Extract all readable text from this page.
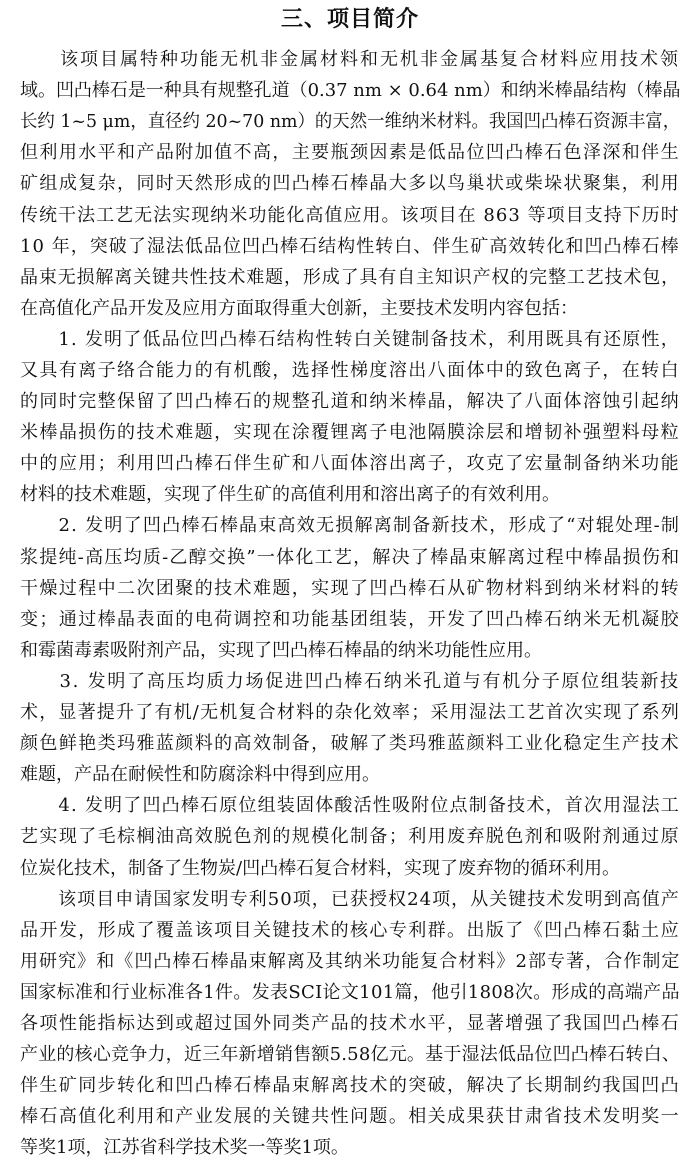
三、项目简介
　　该项目属特种功能无机非金属材料和无机非金属基复合材料应用技术领
域。凹凸棒石是一种具有规整孔道（0.37 nm × 0.64 nm）和纳米棒晶结构（棒晶
长约 1~5 μm，直径约 20~70 nm）的天然一维纳米材料。我国凹凸棒石资源丰富，
但利用水平和产品附加值不高，主要瓶颈因素是低品位凹凸棒石色泽深和伴生
矿组成复杂，同时天然形成的凹凸棒石棒晶大多以鸟巢状或柴垛状聚集，利用
传统干法工艺无法实现纳米功能化高值应用。该项目在 863 等项目支持下历时
10 年，突破了湿法低品位凹凸棒石结构性转白、伴生矿高效转化和凹凸棒石棒
晶束无损解离关键共性技术难题，形成了具有自主知识产权的完整工艺技术包，
在高值化产品开发及应用方面取得重大创新，主要技术发明内容包括：
　　1. 发明了低品位凹凸棒石结构性转白关键制备技术，利用既具有还原性，
又具有离子络合能力的有机酸，选择性梯度溶出八面体中的致色离子，在转白
的同时完整保留了凹凸棒石的规整孔道和纳米棒晶，解决了八面体溶蚀引起纳
米棒晶损伤的技术难题，实现在涂覆锂离子电池隔膜涂层和增韧补强塑料母粒
中的应用；利用凹凸棒石伴生矿和八面体溶出离子，攻克了宏量制备纳米功能
材料的技术难题，实现了伴生矿的高值利用和溶出离子的有效利用。
　　2. 发明了凹凸棒石棒晶束高效无损解离制备新技术，形成了“对辊处理-制
浆提纯-高压均质-乙醇交换”一体化工艺，解决了棒晶束解离过程中棒晶损伤和
干燥过程中二次团聚的技术难题，实现了凹凸棒石从矿物材料到纳米材料的转
变；通过棒晶表面的电荷调控和功能基团组装，开发了凹凸棒石纳米无机凝胶
和霉菌毒素吸附剂产品，实现了凹凸棒石棒晶的纳米功能性应用。
　　3. 发明了高压均质力场促进凹凸棒石纳米孔道与有机分子原位组装新技
术，显著提升了有机/无机复合材料的杂化效率；采用湿法工艺首次实现了系列
颜色鲜艳类玛雅蓝颜料的高效制备，破解了类玛雅蓝颜料工业化稳定生产技术
难题，产品在耐候性和防腐涂料中得到应用。
　　4. 发明了凹凸棒石原位组装固体酸活性吸附位点制备技术，首次用湿法工
艺实现了毛棕榈油高效脱色剂的规模化制备；利用废弃脱色剂和吸附剂通过原
位炭化技术，制备了生物炭/凹凸棒石复合材料，实现了废弃物的循环利用。
　　该项目申请国家发明专利50项，已获授权24项，从关键技术发明到高值产
品开发，形成了覆盖该项目关键技术的核心专利群。出版了《凹凸棒石黏土应
用研究》和《凹凸棒石棒晶束解离及其纳米功能复合材料》2部专著，合作制定
国家标准和行业标准各1件。发表SCI论文101篇，他引1808次。形成的高端产品
各项性能指标达到或超过国外同类产品的技术水平，显著增强了我国凹凸棒石
产业的核心竞争力，近三年新增销售额5.58亿元。基于湿法低品位凹凸棒石转白、
伴生矿同步转化和凹凸棒石棒晶束解离技术的突破，解决了长期制约我国凹凸
棒石高值化利用和产业发展的关键共性问题。相关成果获甘肃省技术发明奖一
等奖1项，江苏省科学技术奖一等奖1项。
